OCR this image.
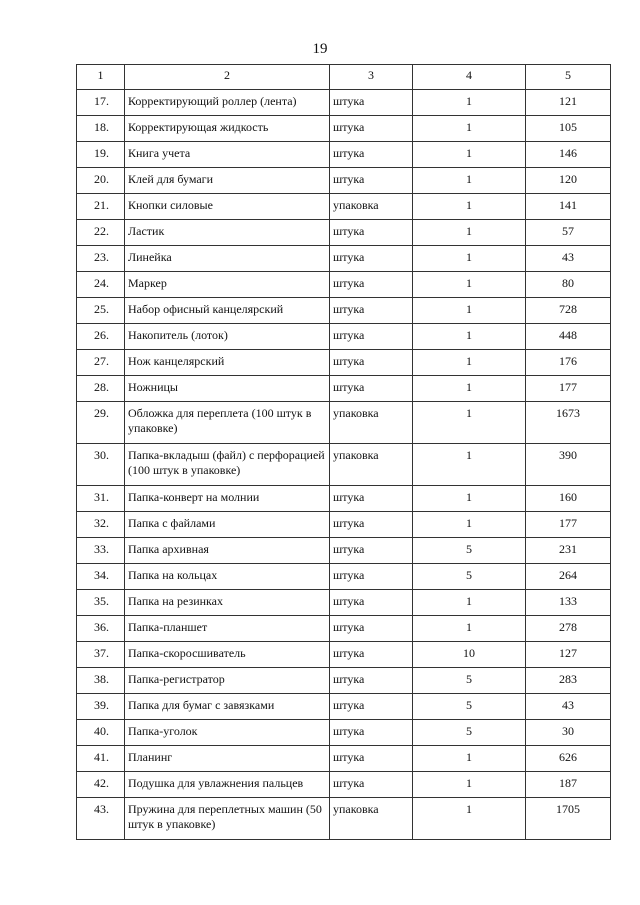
19
1	2	3	4	5
17.	Корректирующий роллер (лента)	штука	1	121
18.	Корректирующая жидкость	штука	1	105
19.	Книга учета	штука	1	146
20.	Клей для бумаги	штука	1	120
21.	Кнопки силовые	упаковка	1	141
22.	Ластик	штука	1	57
23.	Линейка	штука	1	43
24.	Маркер	штука	1	80
25.	Набор офисный канцелярский	штука	1	728
26.	Накопитель (лоток)	штука	1	448
27.	Нож канцелярский	штука	1	176
28.	Ножницы	штука	1	177
29.	Обложка для переплета (100 штук в упаковке)	упаковка	1	1673
30.	Папка-вкладыш (файл) с перфорацией (100 штук в упаковке)	упаковка	1	390
31.	Папка-конверт на молнии	штука	1	160
32.	Папка с файлами	штука	1	177
33.	Папка архивная	штука	5	231
34.	Папка на кольцах	штука	5	264
35.	Папка на резинках	штука	1	133
36.	Папка-планшет	штука	1	278
37.	Папка-скоросшиватель	штука	10	127
38.	Папка-регистратор	штука	5	283
39.	Папка для бумаг с завязками	штука	5	43
40.	Папка-уголок	штука	5	30
41.	Планинг	штука	1	626
42.	Подушка для увлажнения пальцев	штука	1	187
43.	Пружина для переплетных машин (50 штук в упаковке)	упаковка	1	1705
